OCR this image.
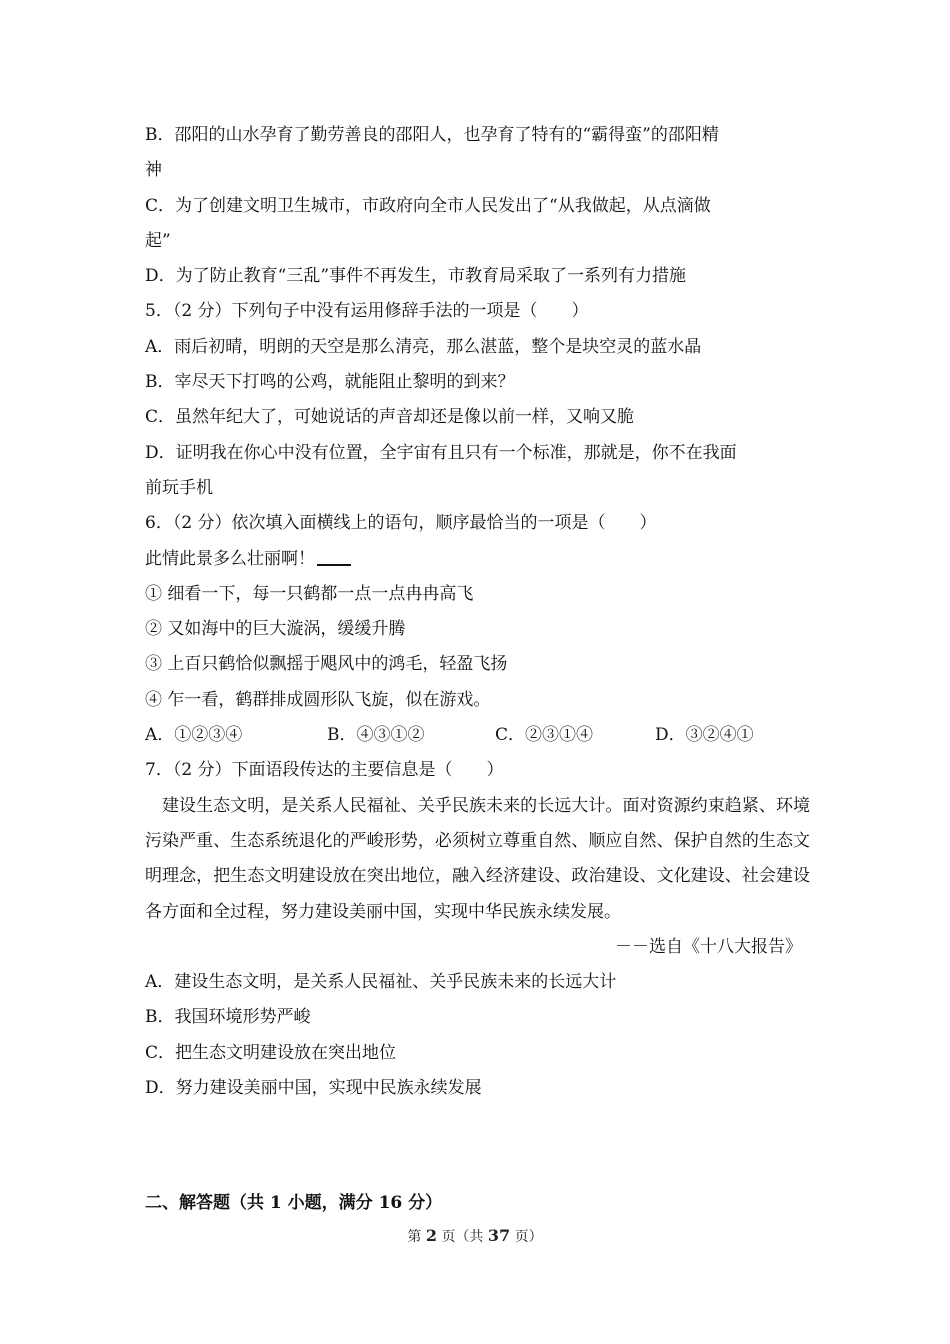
B．邵阳的山水孕育了勤劳善良的邵阳人，也孕育了特有的“霸得蛮”的邵阳精
神
C．为了创建文明卫生城市，市政府向全市人民发出了“从我做起，从点滴做
起”
D．为了防止教育“三乱”事件不再发生，市教育局采取了一系列有力措施
5．（2 分）下列句子中没有运用修辞手法的一项是（　　）
A．雨后初晴，明朗的天空是那么清亮，那么湛蓝，整个是块空灵的蓝水晶
B．宰尽天下打鸣的公鸡，就能阻止黎明的到来？
C．虽然年纪大了，可她说话的声音却还是像以前一样，又响又脆
D．证明我在你心中没有位置，全宇宙有且只有一个标准，那就是，你不在我面
前玩手机
6．（2 分）依次填入面横线上的语句，顺序最恰当的一项是（　　）
此情此景多么壮丽啊！
① 细看一下，每一只鹤都一点一点冉冉高飞
② 又如海中的巨大漩涡，缓缓升腾
③ 上百只鹤恰似飘摇于飓风中的鸿毛，轻盈飞扬
④ 乍一看，鹤群排成圆形队飞旋，似在游戏。
A．①②③④	B．④③①②	C．②③①④	D．③②④①
7．（2 分）下面语段传达的主要信息是（　　）
建设生态文明，是关系人民福祉、关乎民族未来的长远大计。面对资源约束趋紧、环境污染严重、生态系统退化的严峻形势，必须树立尊重自然、顺应自然、保护自然的生态文明理念，把生态文明建设放在突出地位，融入经济建设、政治建设、文化建设、社会建设各方面和全过程，努力建设美丽中国，实现中华民族永续发展。
－－选自《十八大报告》
A．建设生态文明，是关系人民福祉、关乎民族未来的长远大计
B．我国环境形势严峻
C．把生态文明建设放在突出地位
D．努力建设美丽中国，实现中民族永续发展
二、解答题（共 1 小题，满分 16 分）
第 2 页（共 37 页）
